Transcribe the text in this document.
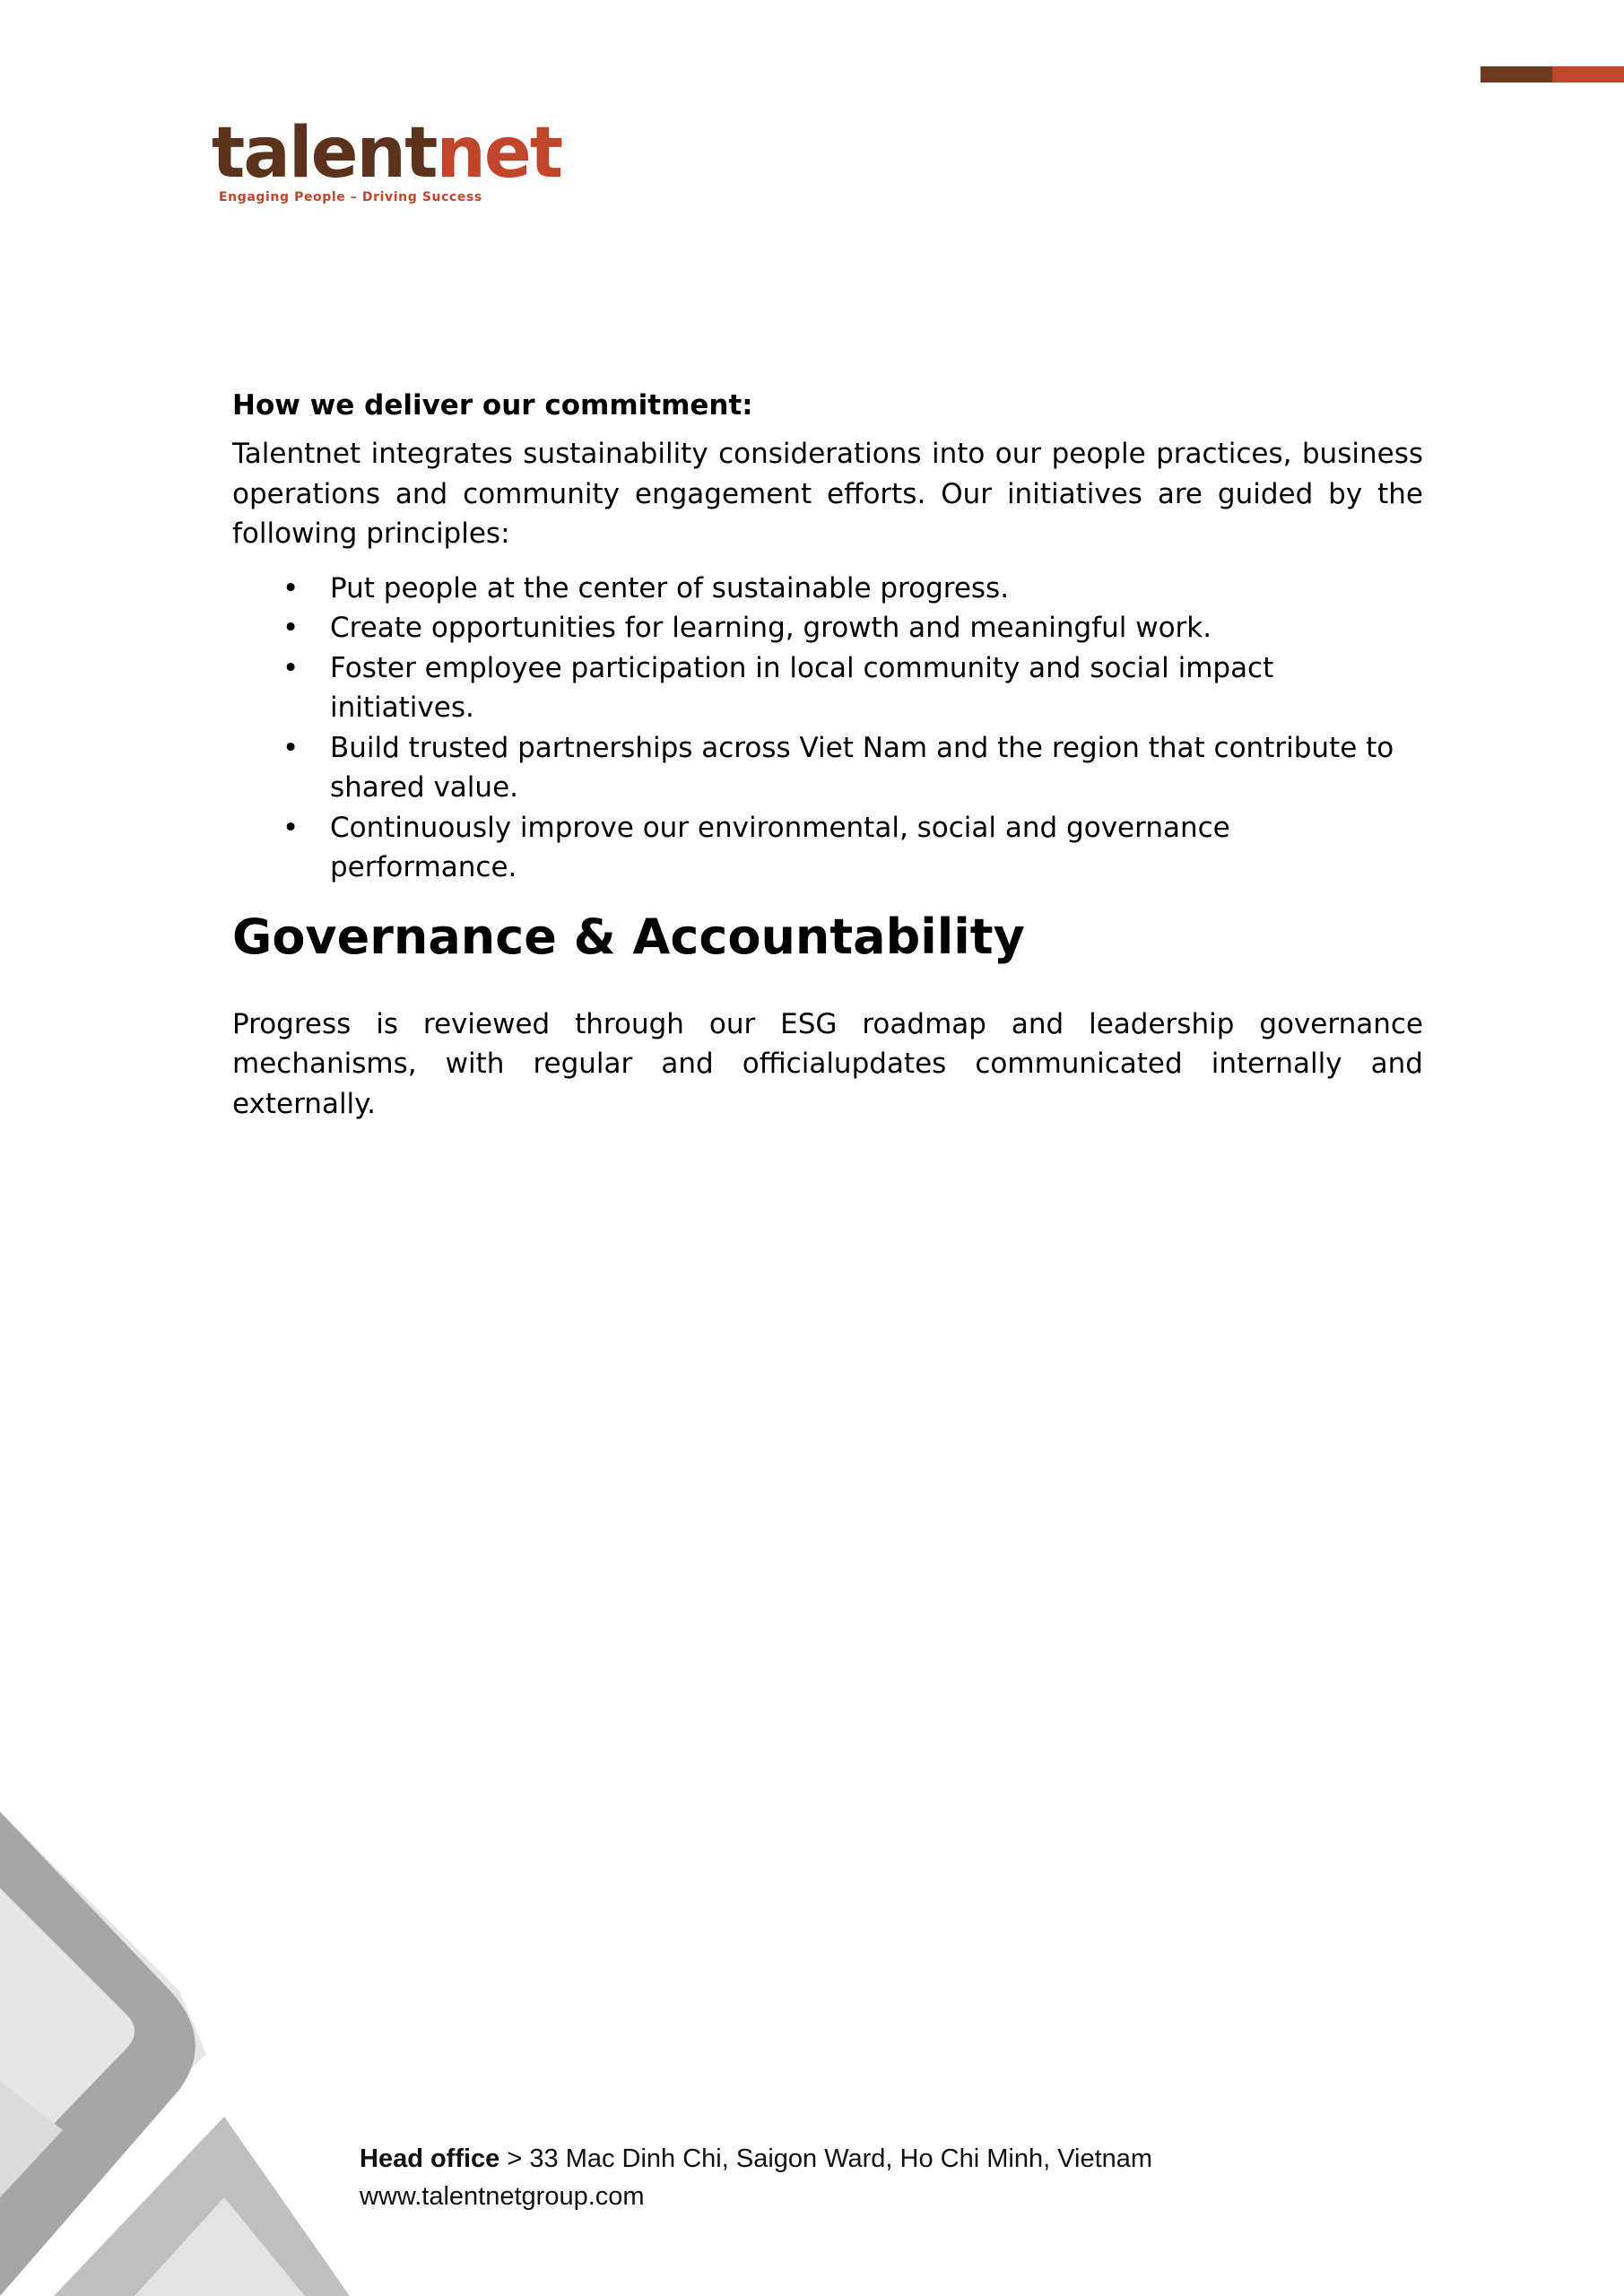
talentnet
Engaging People – Driving Success

How we deliver our commitment:

Talentnet integrates sustainability considerations into our people practices, business operations and community engagement efforts. Our initiatives are guided by the following principles:

• Put people at the center of sustainable progress.
• Create opportunities for learning, growth and meaningful work.
• Foster employee participation in local community and social impact initiatives.
• Build trusted partnerships across Viet Nam and the region that contribute to shared value.
• Continuously improve our environmental, social and governance performance.
Governance & Accountability

Progress is reviewed through our ESG roadmap and leadership governance mechanisms, with regular and officialupdates communicated internally and externally.

Head office > 33 Mac Dinh Chi, Saigon Ward, Ho Chi Minh, Vietnam
www.talentnetgroup.com
